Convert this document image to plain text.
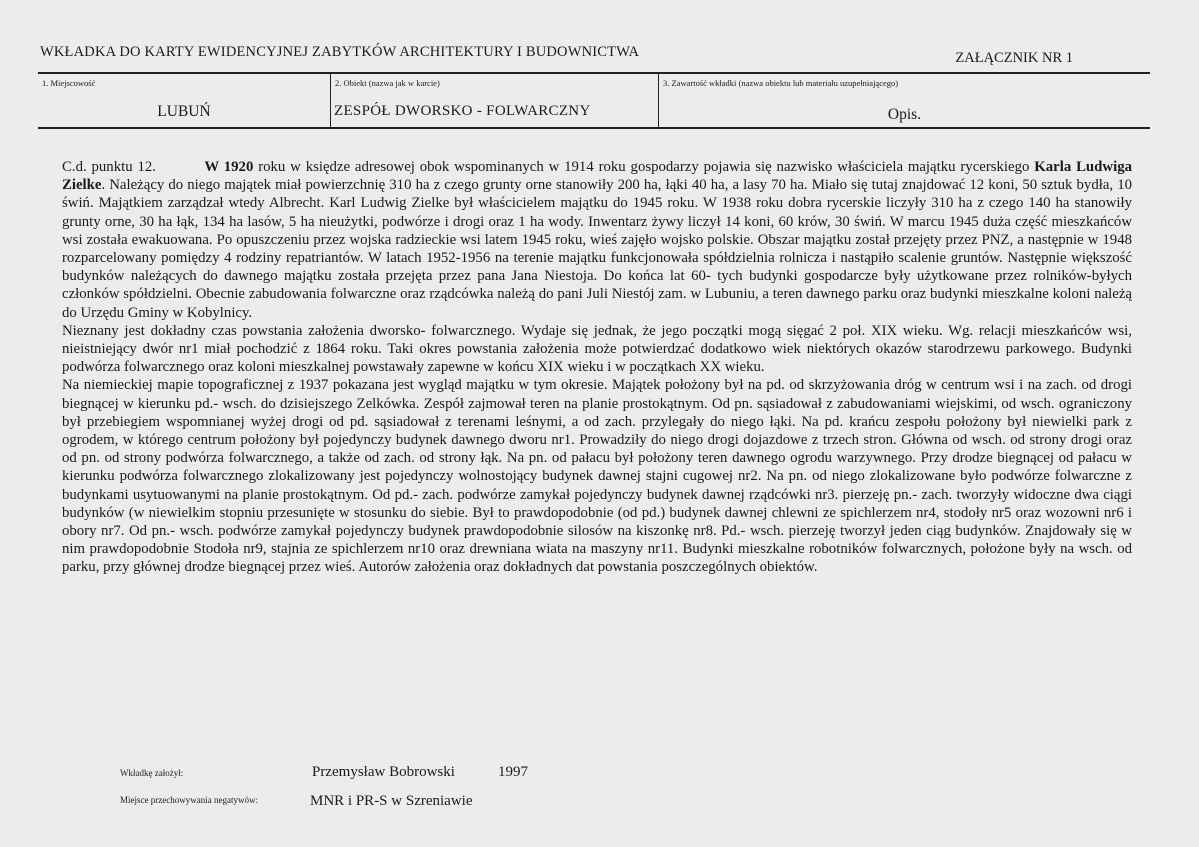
WKŁADKA DO KARTY EWIDENCYJNEJ ZABYTKÓW ARCHITEKTURY I BUDOWNICTWA	ZAŁĄCZNIK NR 1
1. Miejscowość
LUBUŃ
2. Obiekt (nazwa jak w karcie)
ZESPÓŁ DWORSKO - FOLWARCZNY
3. Zawartość wkładki (nazwa obiektu lub materiału uzupełniającego)
Opis.

C.d. punktu 12.	W 1920 roku w księdze adresowej obok wspominanych w 1914 roku gospodarzy pojawia się nazwisko właściciela majątku rycerskiego Karla Ludwiga Zielke. Należący do niego majątek miał powierzchnię 310 ha z czego grunty orne stanowiły 200 ha, łąki 40 ha, a lasy 70 ha. Miało się tutaj znajdować 12 koni, 50 sztuk bydła, 10 świń. Majątkiem zarządzał wtedy Albrecht. Karl Ludwig Zielke był właścicielem majątku do 1945 roku. W 1938 roku dobra rycerskie liczyły 310 ha z czego 140 ha stanowiły grunty orne, 30 ha łąk, 134 ha lasów, 5 ha nieużytki, podwórze i drogi oraz 1 ha wody. Inwentarz żywy liczył 14 koni, 60 krów, 30 świń. W marcu 1945 duża część mieszkańców wsi została ewakuowana. Po opuszczeniu przez wojska radzieckie wsi latem 1945 roku, wieś zajęło wojsko polskie. Obszar majątku został przejęty przez PNZ, a następnie w 1948 rozparcelowany pomiędzy 4 rodziny repatriantów. W latach 1952-1956 na terenie majątku funkcjonowała spółdzielnia rolnicza i nastąpiło scalenie gruntów. Następnie większość budynków należących do dawnego majątku została przejęta przez pana Jana Niestoja. Do końca lat 60- tych budynki gospodarcze były użytkowane przez rolników-byłych członków spółdzielni. Obecnie zabudowania folwarczne oraz rządcówka należą do pani Juli Niestój zam. w Lubuniu, a teren dawnego parku oraz budynki mieszkalne koloni należą do Urzędu Gminy w Kobylnicy.

Nieznany jest dokładny czas powstania założenia dworsko- folwarcznego. Wydaje się jednak, że jego początki mogą sięgać 2 poł. XIX wieku. Wg. relacji mieszkańców wsi, nieistniejący dwór nr1 miał pochodzić z 1864 roku. Taki okres powstania założenia może potwierdzać dodatkowo wiek niektórych okazów starodrzewu parkowego. Budynki podwórza folwarcznego oraz koloni mieszkalnej powstawały zapewne w końcu XIX wieku i w początkach XX wieku.

Na niemieckiej mapie topograficznej z 1937 pokazana jest wygląd majątku w tym okresie. Majątek położony był na pd. od skrzyżowania dróg w centrum wsi i na zach. od drogi biegnącej w kierunku pd.- wsch. do dzisiejszego Zelkówka. Zespół zajmował teren na planie prostokątnym. Od pn. sąsiadował z zabudowaniami wiejskimi, od wsch. ograniczony był przebiegiem wspomnianej wyżej drogi od pd. sąsiadował z terenami leśnymi, a od zach. przylegały do niego łąki. Na pd. krańcu zespołu położony był niewielki park z ogrodem, w którego centrum położony był pojedynczy budynek dawnego dworu nr1. Prowadziły do niego drogi dojazdowe z trzech stron. Główna od wsch. od strony drogi oraz od pn. od strony podwórza folwarcznego, a także od zach. od strony łąk. Na pn. od pałacu był położony teren dawnego ogrodu warzywnego. Przy drodze biegnącej od pałacu w kierunku podwórza folwarcznego zlokalizowany jest pojedynczy wolnostojący budynek dawnej stajni cugowej nr2. Na pn. od niego zlokalizowane było podwórze folwarczne z budynkami usytuowanymi na planie prostokątnym. Od pd.- zach. podwórze zamykał pojedynczy budynek dawnej rządcówki nr3. pierzeję pn.- zach. tworzyły widoczne dwa ciągi budynków (w niewielkim stopniu przesunięte w stosunku do siebie. Był to prawdopodobnie (od pd.) budynek dawnej chlewni ze spichlerzem nr4, stodoły nr5 oraz wozowni nr6 i obory nr7. Od pn.- wsch. podwórze zamykał pojedynczy budynek prawdopodobnie silosów na kiszonkę nr8. Pd.- wsch. pierzeję tworzył jeden ciąg budynków. Znajdowały się w nim prawdopodobnie Stodoła nr9, stajnia ze spichlerzem nr10 oraz drewniana wiata na maszyny nr11. Budynki mieszkalne robotników folwarcznych, położone były na wsch. od parku, przy głównej drodze biegnącej przez wieś. Autorów założenia oraz dokładnych dat powstania poszczególnych obiektów.

Wkładkę założył:	Przemysław Bobrowski	1997
Miejsce przechowywania negatywów:	MNR i PR-S w Szreniawie
